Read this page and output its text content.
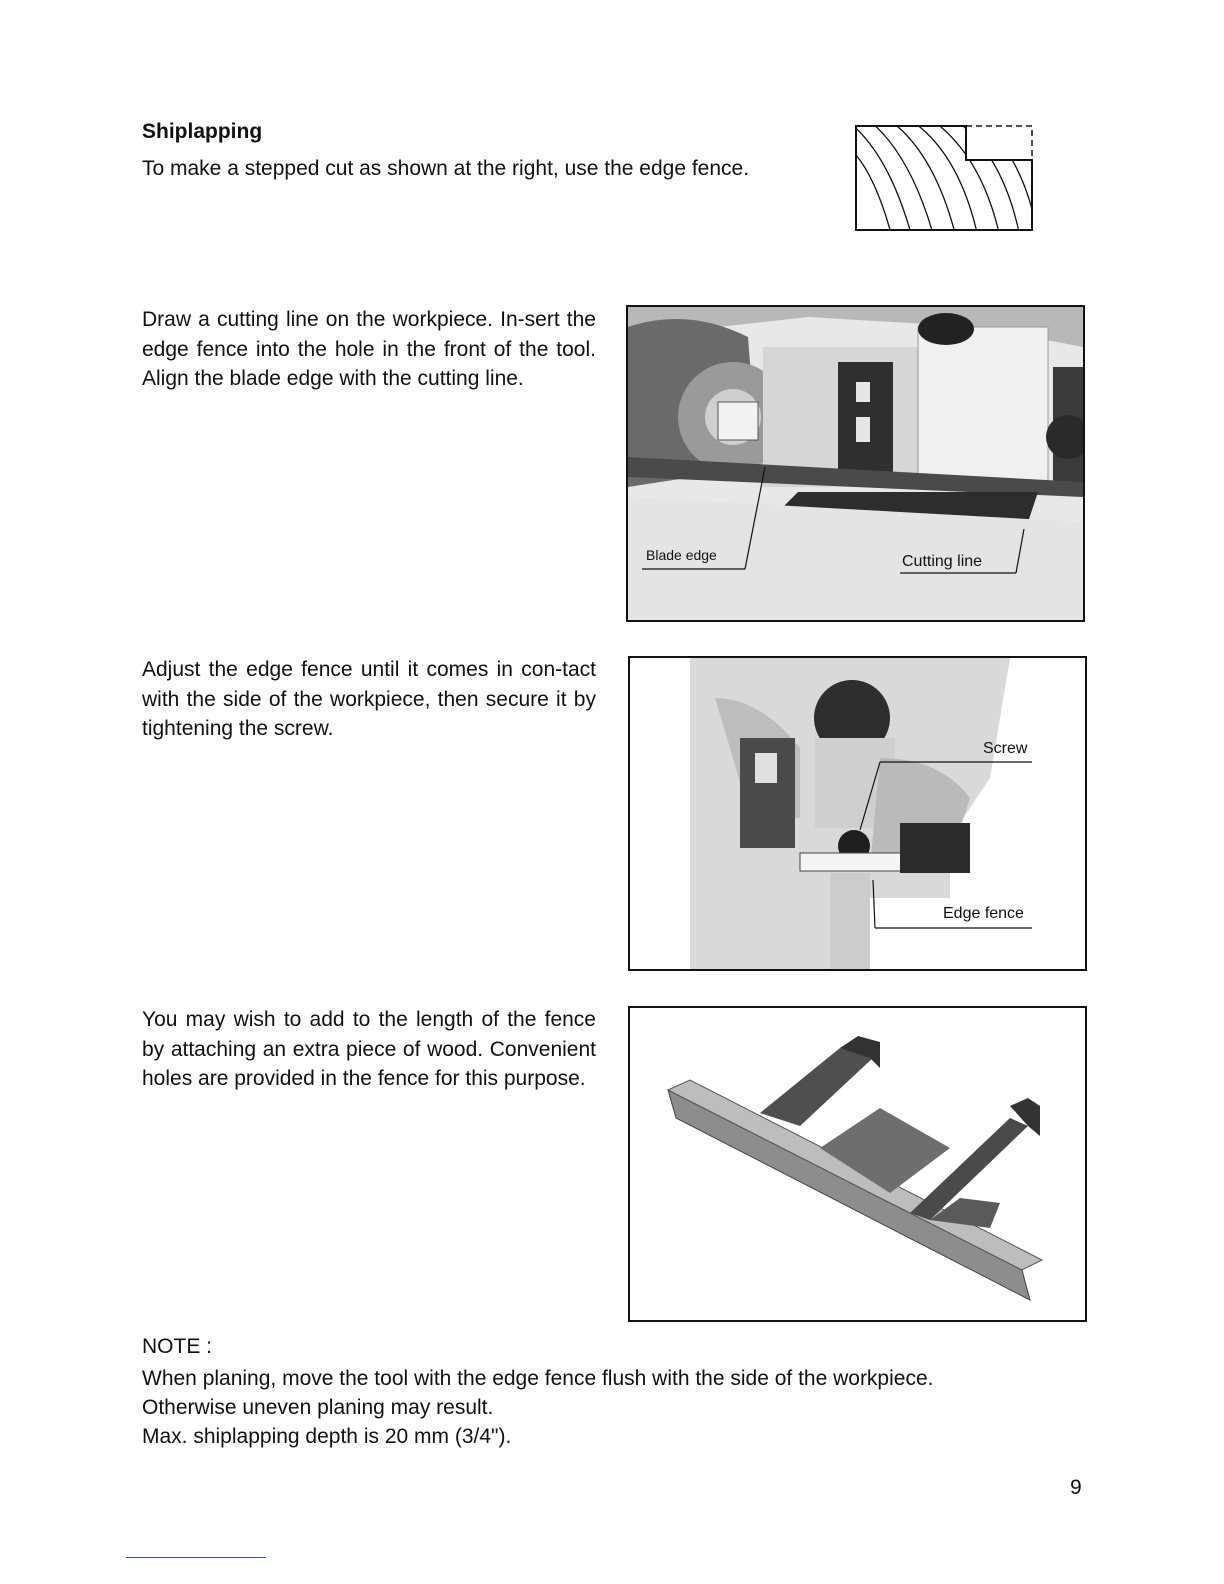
Shiplapping
To make a stepped cut as shown at the right, use the edge fence.
Draw a cutting line on the workpiece. In-sert the edge fence into the hole in the front of the tool. Align the blade edge with the cutting line.
Blade edge	Cutting line
Adjust the edge fence until it comes in con-tact with the side of the workpiece, then secure it by tightening the screw.
Screw
Edge fence
You may wish to add to the length of the fence by attaching an extra piece of wood. Convenient holes are provided in the fence for this purpose.
NOTE :
When planing, move the tool with the edge fence flush with the side of the workpiece.
Otherwise uneven planing may result.
Max. shiplapping depth is 20 mm (3/4").
9
